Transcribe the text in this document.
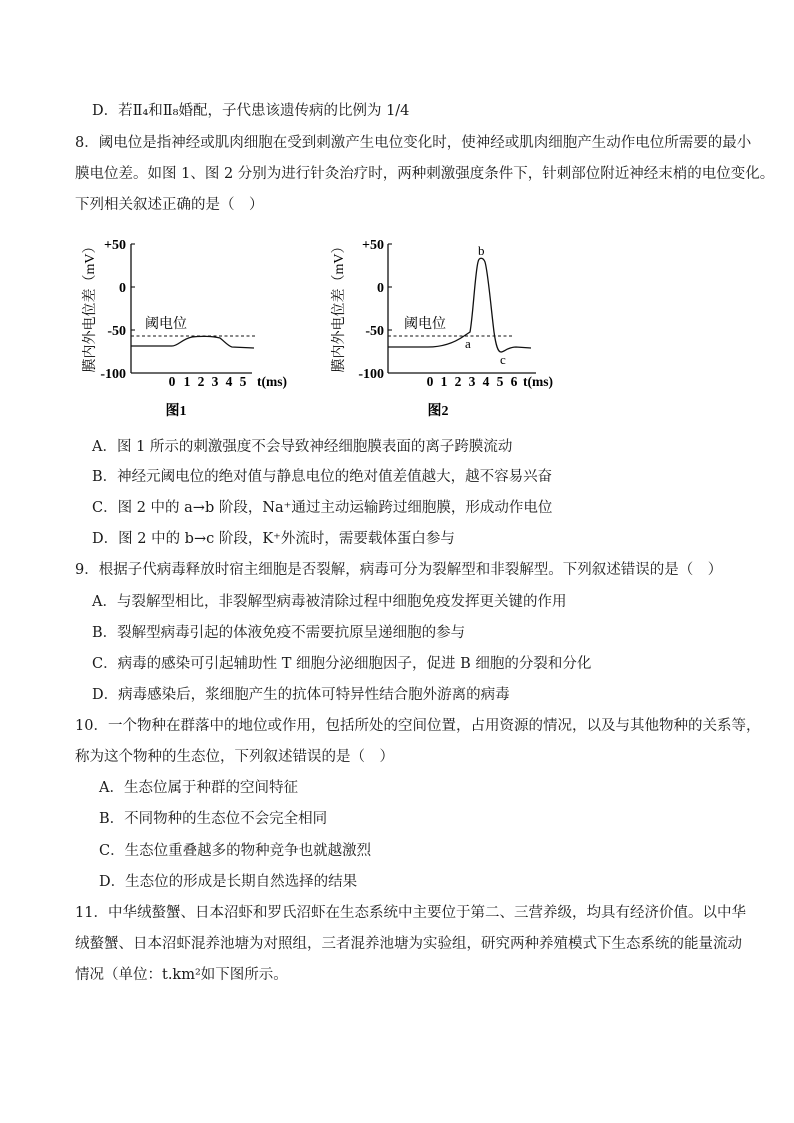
D．若Ⅱ₄和Ⅱ₈婚配，子代患该遗传病的比例为 1/4
8．阈电位是指神经或肌肉细胞在受到刺激产生电位变化时，使神经或肌肉细胞产生动作电位所需要的最小
膜电位差。如图 1、图 2 分别为进行针灸治疗时，两种刺激强度条件下，针刺部位附近神经末梢的电位变化。
下列相关叙述正确的是（　）
膜内外电位差（mV） +50
0
-50
-100
阈电位
0 1 2 3 4 5 t(ms)
图1
膜内外电位差（mV） +50
0
-50
-100
阈电位
a
b
c
0 1 2 3 4 5 6 t(ms)
图2
A．图 1 所示的刺激强度不会导致神经细胞膜表面的离子跨膜流动
B．神经元阈电位的绝对值与静息电位的绝对值差值越大，越不容易兴奋
C．图 2 中的 a→b 阶段，Na⁺通过主动运输跨过细胞膜，形成动作电位
D．图 2 中的 b→c 阶段，K⁺外流时，需要载体蛋白参与
9．根据子代病毒释放时宿主细胞是否裂解，病毒可分为裂解型和非裂解型。下列叙述错误的是（　）
A．与裂解型相比，非裂解型病毒被清除过程中细胞免疫发挥更关键的作用
B．裂解型病毒引起的体液免疫不需要抗原呈递细胞的参与
C．病毒的感染可引起辅助性 T 细胞分泌细胞因子，促进 B 细胞的分裂和分化
D．病毒感染后，浆细胞产生的抗体可特异性结合胞外游离的病毒
10．一个物种在群落中的地位或作用，包括所处的空间位置，占用资源的情况，以及与其他物种的关系等，
称为这个物种的生态位，下列叙述错误的是（　）
A．生态位属于种群的空间特征
B．不同物种的生态位不会完全相同
C．生态位重叠越多的物种竞争也就越激烈
D．生态位的形成是长期自然选择的结果
11．中华绒螯蟹、日本沼虾和罗氏沼虾在生态系统中主要位于第二、三营养级，均具有经济价值。以中华
绒螯蟹、日本沼虾混养池塘为对照组，三者混养池塘为实验组，研究两种养殖模式下生态系统的能量流动
情况（单位：t.km²如下图所示。
